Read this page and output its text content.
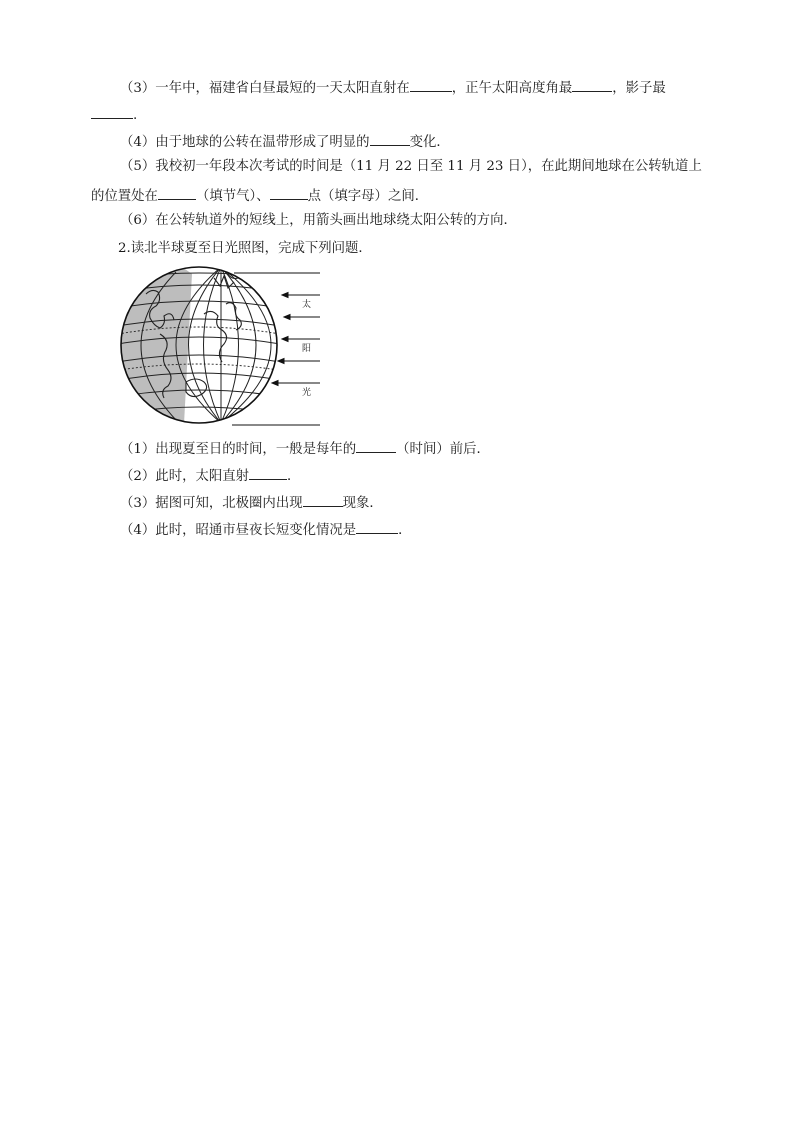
（3）一年中，福建省白昼最短的一天太阳直射在	，正午太阳高度角最	，影子最
.
（4）由于地球的公转在温带形成了明显的	变化．
（5）我校初一年段本次考试的时间是（11 月 22 日至 11 月 23 日），在此期间地球在公转轨道上
的位置处在	（填节气）、	点（填字母）之间．
（6）在公转轨道外的短线上，用箭头画出地球绕太阳公转的方向．
2.读北半球夏至日光照图，完成下列问题．
太
阳
光
（1）出现夏至日的时间，一般是每年的	（时间）前后．
（2）此时，太阳直射	．
（3）据图可知，北极圈内出现	现象．
（4）此时，昭通市昼夜长短变化情况是	．
